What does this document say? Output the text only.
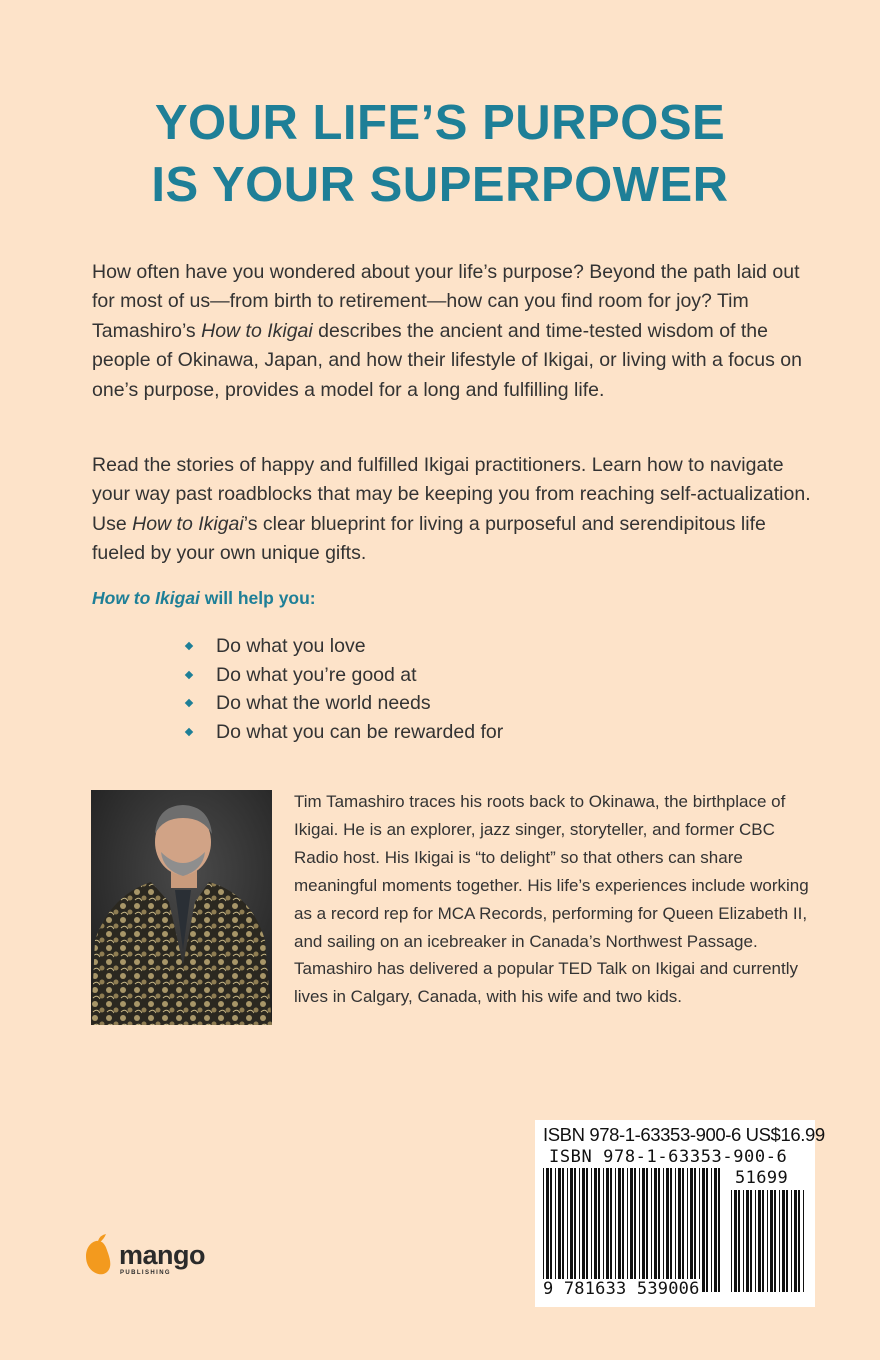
YOUR LIFE’S PURPOSE
IS YOUR SUPERPOWER

How often have you wondered about your life’s purpose? Beyond the path laid out for most of us—from birth to retirement—how can you find room for joy? Tim Tamashiro’s How to Ikigai describes the ancient and time-tested wisdom of the people of Okinawa, Japan, and how their lifestyle of Ikigai, or living with a focus on one’s purpose, provides a model for a long and fulfilling life.

Read the stories of happy and fulfilled Ikigai practitioners. Learn how to navigate your way past roadblocks that may be keeping you from reaching self-actualization. Use How to Ikigai’s clear blueprint for living a purposeful and serendipitous life fueled by your own unique gifts.

How to Ikigai will help you:
Do what you love
Do what you’re good at
Do what the world needs
Do what you can be rewarded for

Tim Tamashiro traces his roots back to Okinawa, the birthplace of Ikigai. He is an explorer, jazz singer, storyteller, and former CBC Radio host. His Ikigai is “to delight” so that others can share meaningful moments together. His life’s experiences include working as a record rep for MCA Records, performing for Queen Elizabeth II, and sailing on an icebreaker in Canada’s Northwest Passage. Tamashiro has delivered a popular TED Talk on Ikigai and currently lives in Calgary, Canada, with his wife and two kids.

ISBN 978-1-63353-900-6 US$16.99
ISBN 978-1-63353-900-6
51699
9 781633 539006
mango
PUBLISHING
